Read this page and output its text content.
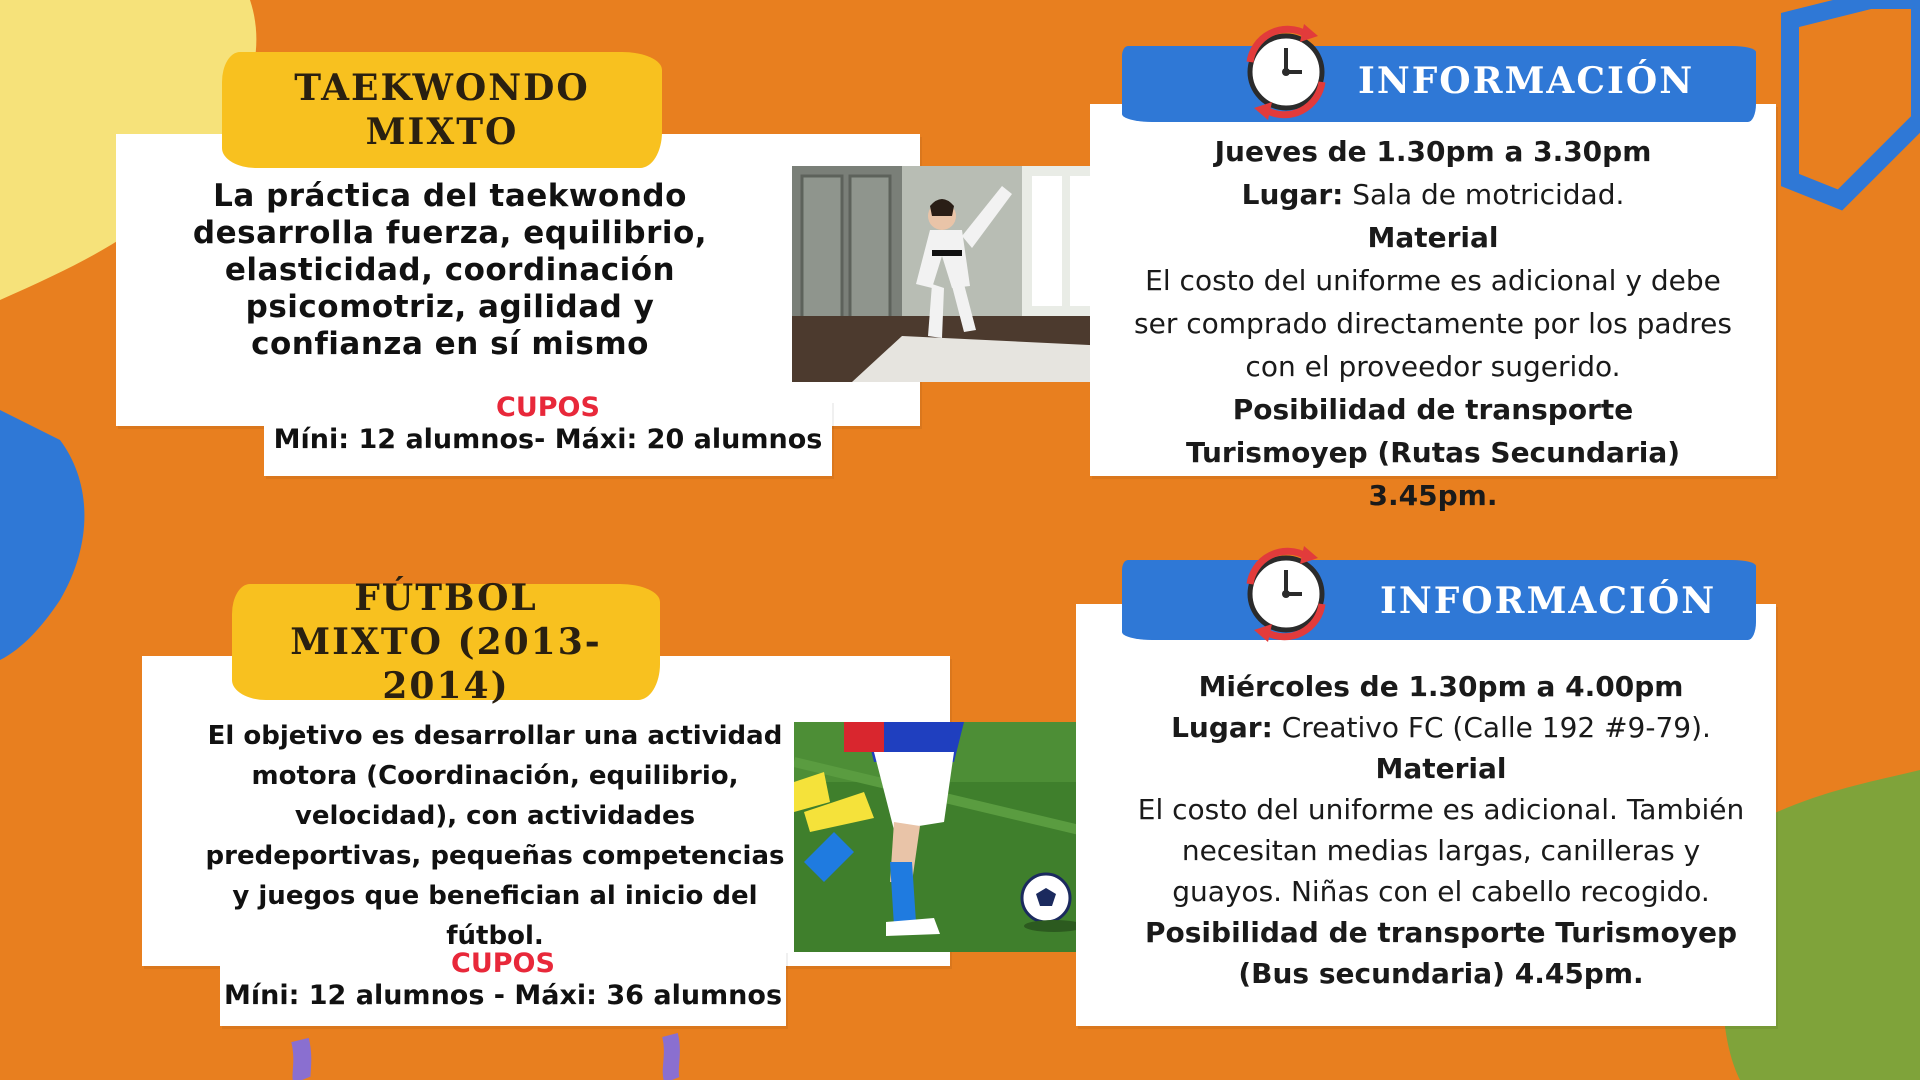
TAEKWONDO
MIXTO
La práctica del taekwondo desarrolla fuerza, equilibrio, elasticidad, coordinación psicomotriz, agilidad y confianza en sí mismo
CUPOS
Míni: 12 alumnos- Máxi: 20 alumnos
INFORMACIÓN

Jueves de 1.30pm a 3.30pm

Lugar: Sala de motricidad.

Material

El costo del uniforme es adicional y debe ser comprado directamente por los padres con el proveedor sugerido.

Posibilidad de transporte Turismoyep (Rutas Secundaria) 3.45pm.

FÚTBOL
MIXTO (2013-2014)
El objetivo es desarrollar una actividad motora (Coordinación, equilibrio, velocidad), con actividades predeportivas, pequeñas competencias y juegos que benefician al inicio del fútbol.
CUPOS
Míni: 12 alumnos - Máxi: 36 alumnos
INFORMACIÓN

Miércoles de 1.30pm a 4.00pm

Lugar: Creativo FC (Calle 192 #9-79).

Material

El costo del uniforme es adicional. También necesitan medias largas, canilleras y guayos. Niñas con el cabello recogido.

Posibilidad de transporte Turismoyep (Bus secundaria) 4.45pm.
